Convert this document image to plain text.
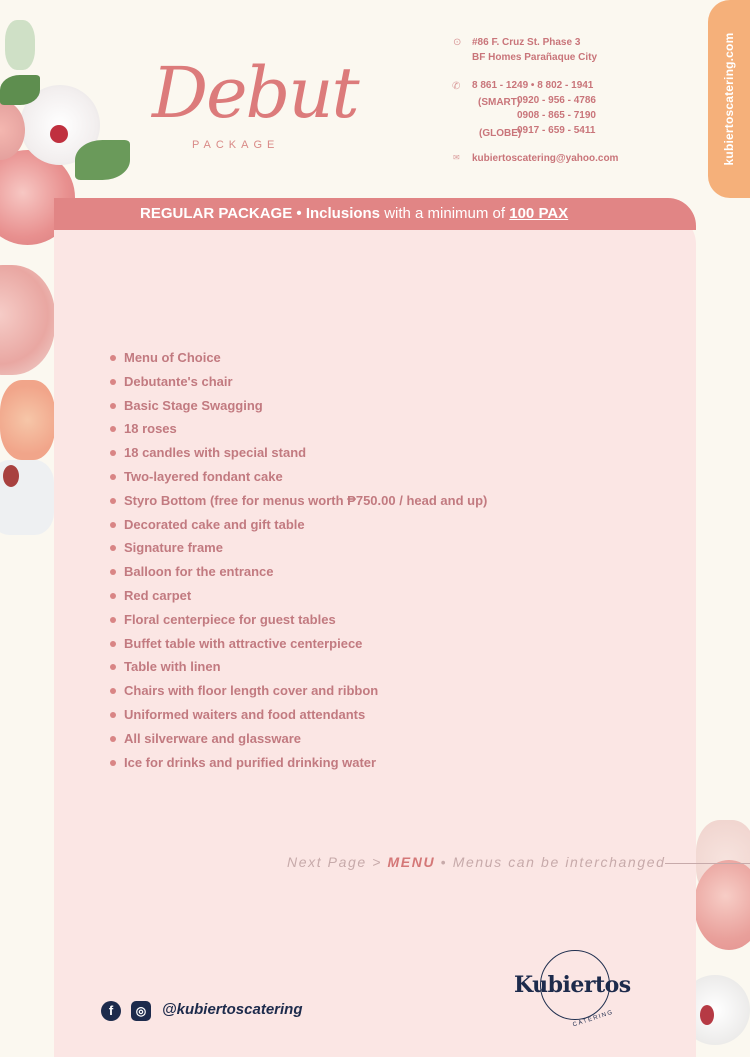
kubiertoscatering.com
Debut
PACKAGE
⊙ #86 F. Cruz St. Phase 3
BF Homes Parañaque City
✆ 8 861 - 1249 • 8 802 - 1941
(SMART)
0920 - 956 - 4786
0908 - 865 - 7190
(GLOBE)
0917 - 659 - 5411
✉ kubiertoscatering@yahoo.com
REGULAR PACKAGE • Inclusions with a minimum of 100 PAX
Menu of Choice
Debutante's chair
Basic Stage Swagging
18 roses
18 candles with special stand
Two-layered fondant cake
Styro Bottom (free for menus worth ₱750.00 / head and up)
Decorated cake and gift table
Signature frame
Balloon for the entrance
Red carpet
Floral centerpiece for guest tables
Buffet table with attractive centerpiece
Table with linen
Chairs with floor length cover and ribbon
Uniformed waiters and food attendants
All silverware and glassware
Ice for drinks and purified drinking water
Next Page > MENU • Menus can be interchanged
Kubiertos
CATERING
f	◎	@kubiertoscatering
